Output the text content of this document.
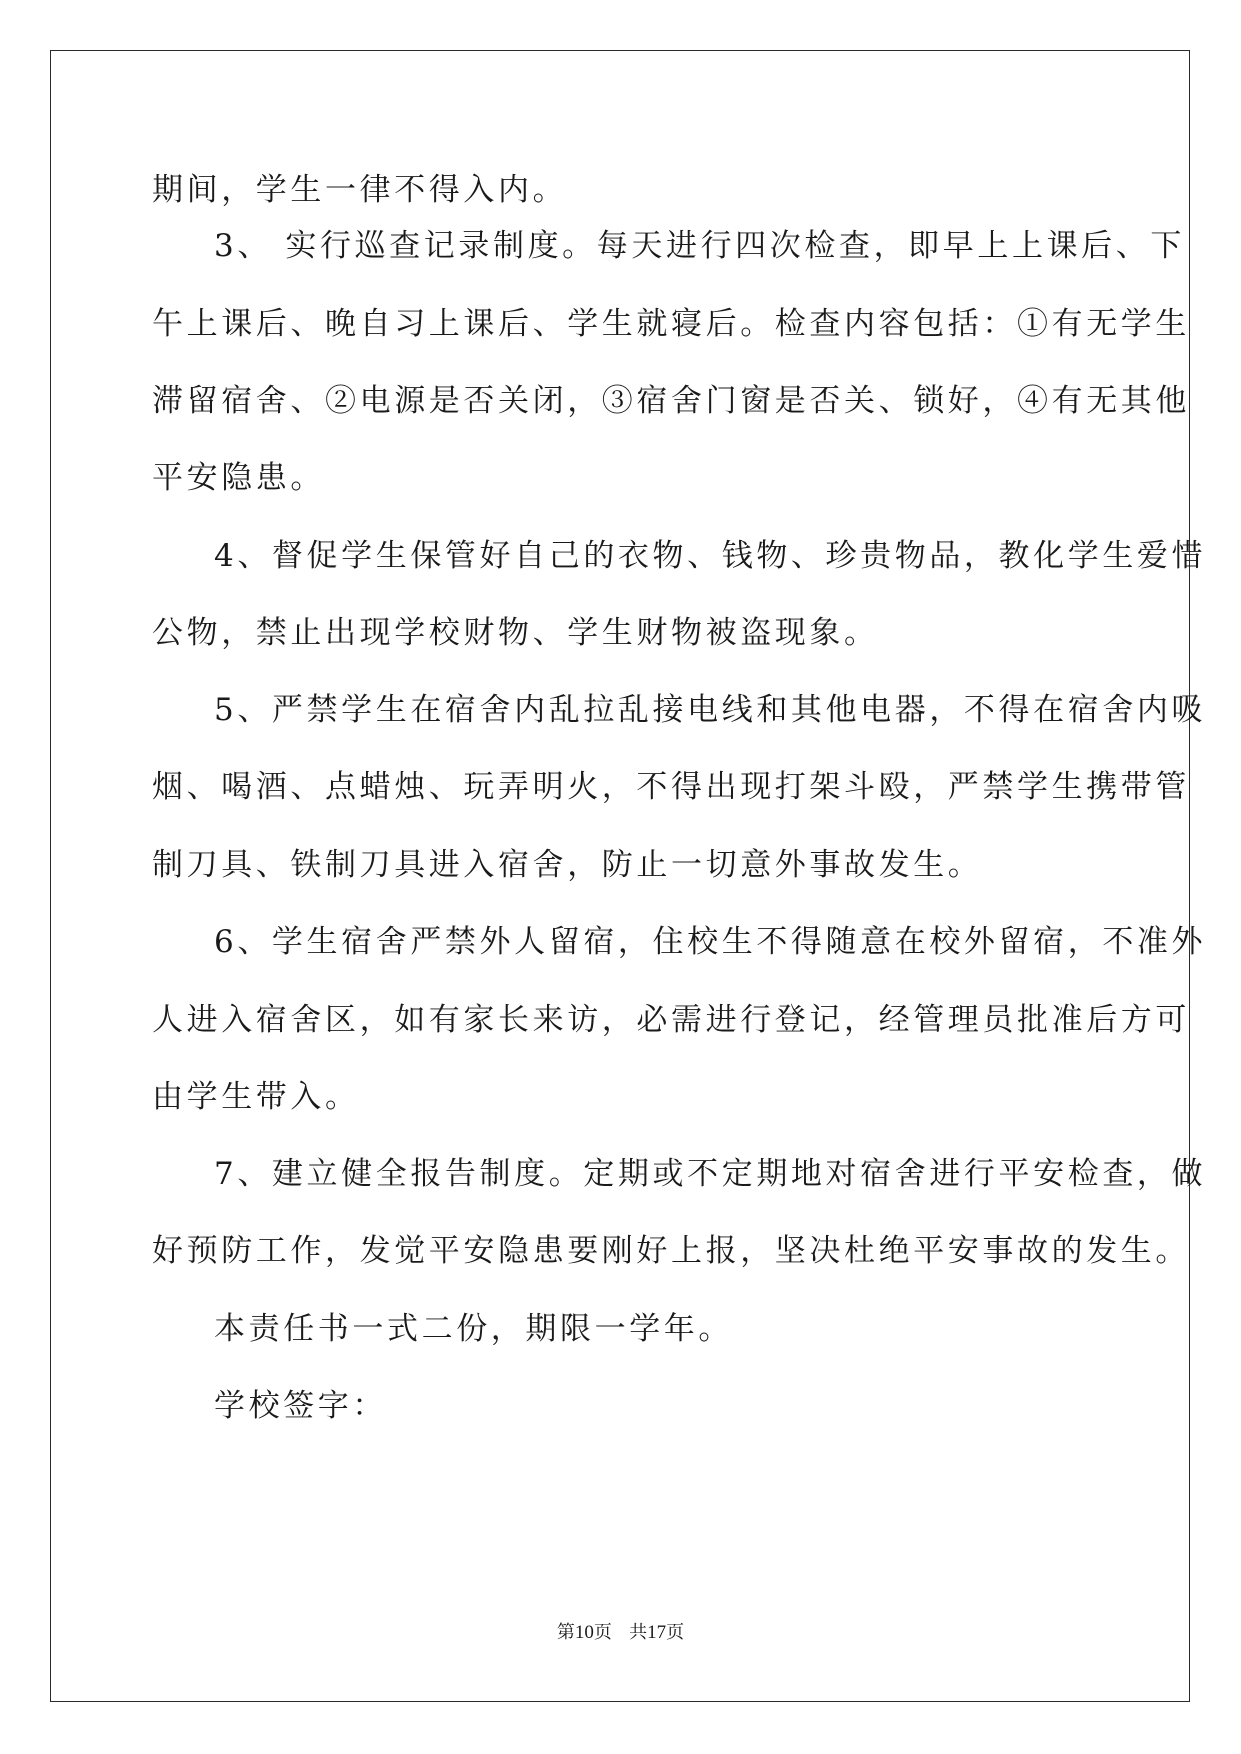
期间，学生一律不得入内。
3、 实行巡查记录制度。每天进行四次检查，即早上上课后、下
午上课后、晚自习上课后、学生就寝后。检查内容包括：①有无学生
滞留宿舍、②电源是否关闭，③宿舍门窗是否关、锁好，④有无其他
平安隐患。
4、督促学生保管好自己的衣物、钱物、珍贵物品，教化学生爱惜
公物，禁止出现学校财物、学生财物被盗现象。
5、严禁学生在宿舍内乱拉乱接电线和其他电器，不得在宿舍内吸
烟、喝酒、点蜡烛、玩弄明火，不得出现打架斗殴，严禁学生携带管
制刀具、铁制刀具进入宿舍，防止一切意外事故发生。
6、学生宿舍严禁外人留宿，住校生不得随意在校外留宿，不准外
人进入宿舍区，如有家长来访，必需进行登记，经管理员批准后方可
由学生带入。
7、建立健全报告制度。定期或不定期地对宿舍进行平安检查，做
好预防工作，发觉平安隐患要刚好上报，坚决杜绝平安事故的发生。
本责任书一式二份，期限一学年。
学校签字：
第10页   共17页
